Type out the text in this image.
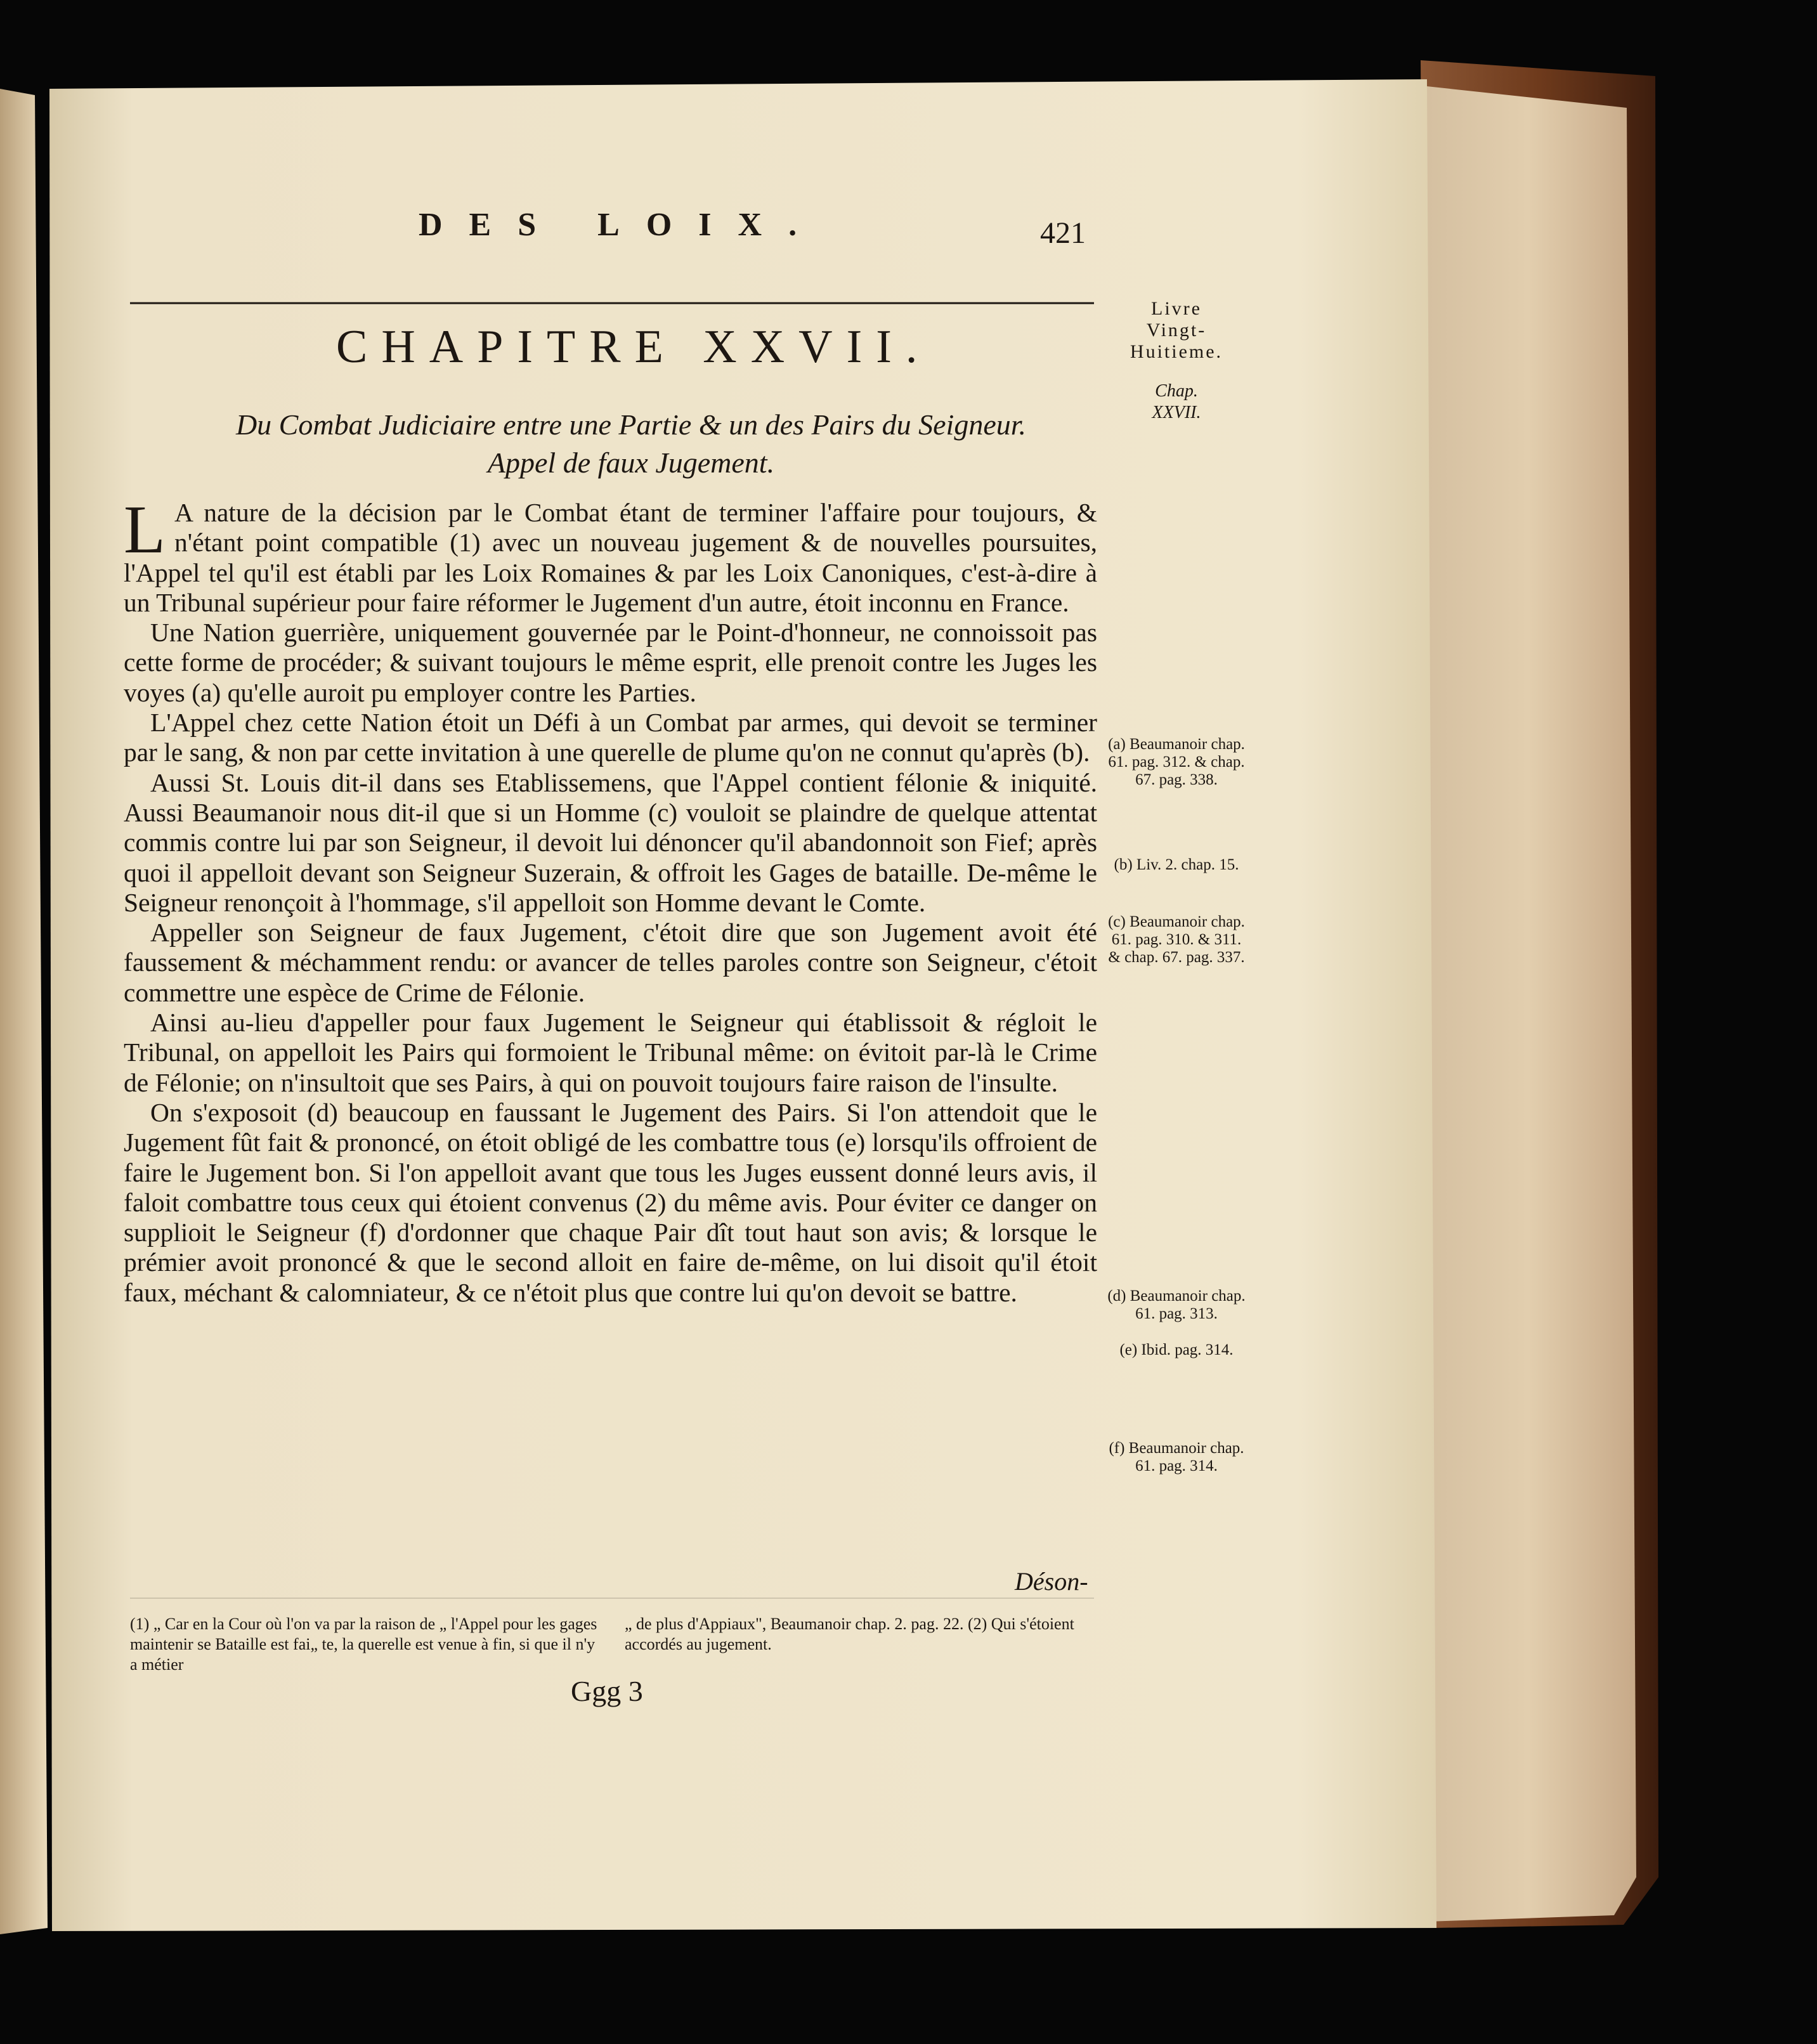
DES LOIX.	421
CHAPITRE XXVII.
Du Combat Judiciaire entre une Partie & un des Pairs du Seigneur.
Appel de faux Jugement.

L A nature de la décision par le Combat étant de terminer l'affaire pour toujours, & n'étant point compatible (1) avec un nouveau jugement & de nouvelles poursuites, l'Appel tel qu'il est établi par les Loix Romaines & par les Loix Canoniques, c'est-à-dire à un Tribunal supérieur pour faire réformer le Jugement d'un autre, étoit inconnu en France.

Une Nation guerrière, uniquement gouvernée par le Point-d'honneur, ne connoissoit pas cette forme de procéder; & suivant toujours le même esprit, elle prenoit contre les Juges les voyes (a) qu'elle auroit pu employer contre les Parties.

L'Appel chez cette Nation étoit un Défi à un Combat par armes, qui devoit se terminer par le sang, & non par cette invitation à une querelle de plume qu'on ne connut qu'après (b).

Aussi St. Louis dit-il dans ses Etablissemens, que l'Appel contient félonie & iniquité. Aussi Beaumanoir nous dit-il que si un Homme (c) vouloit se plaindre de quelque attentat commis contre lui par son Seigneur, il devoit lui dénoncer qu'il abandonnoit son Fief; après quoi il appelloit devant son Seigneur Suzerain, & offroit les Gages de bataille. De-même le Seigneur renonçoit à l'hommage, s'il appelloit son Homme devant le Comte.

Appeller son Seigneur de faux Jugement, c'étoit dire que son Jugement avoit été faussement & méchamment rendu: or avancer de telles paroles contre son Seigneur, c'étoit commettre une espèce de Crime de Félonie.

Ainsi au-lieu d'appeller pour faux Jugement le Seigneur qui établissoit & régloit le Tribunal, on appelloit les Pairs qui formoient le Tribunal même: on évitoit par-là le Crime de Félonie; on n'insultoit que ses Pairs, à qui on pouvoit toujours faire raison de l'insulte.

On s'exposoit (d) beaucoup en faussant le Jugement des Pairs. Si l'on attendoit que le Jugement fût fait & prononcé, on étoit obligé de les combattre tous (e) lorsqu'ils offroient de faire le Jugement bon. Si l'on appelloit avant que tous les Juges eussent donné leurs avis, il faloit combattre tous ceux qui étoient convenus (2) du même avis. Pour éviter ce danger on supplioit le Seigneur (f) d'ordonner que chaque Pair dît tout haut son avis; & lorsque le prémier avoit prononcé & que le second alloit en faire de-même, on lui disoit qu'il étoit faux, méchant & calomniateur, & ce n'étoit plus que contre lui qu'on devoit se battre.

Déson-
(1) „ Car en la Cour où l'on va par la raison de „ l'Appel pour les gages maintenir se Bataille est fai„ te, la querelle est venue à fin, si que il n'y a métier
„ de plus d'Appiaux", Beaumanoir chap. 2. pag. 22. (2) Qui s'étoient accordés au jugement.
Ggg 3
Livre
Vingt-
Huitieme.
Chap.
XXVII.
(a) Beaumanoir chap. 61. pag. 312. & chap. 67. pag. 338.
(b) Liv. 2. chap. 15.
(c) Beaumanoir chap. 61. pag. 310. & 311. & chap. 67. pag. 337.
(d) Beaumanoir chap. 61. pag. 313.
(e) Ibid. pag. 314.
(f) Beaumanoir chap. 61. pag. 314.
